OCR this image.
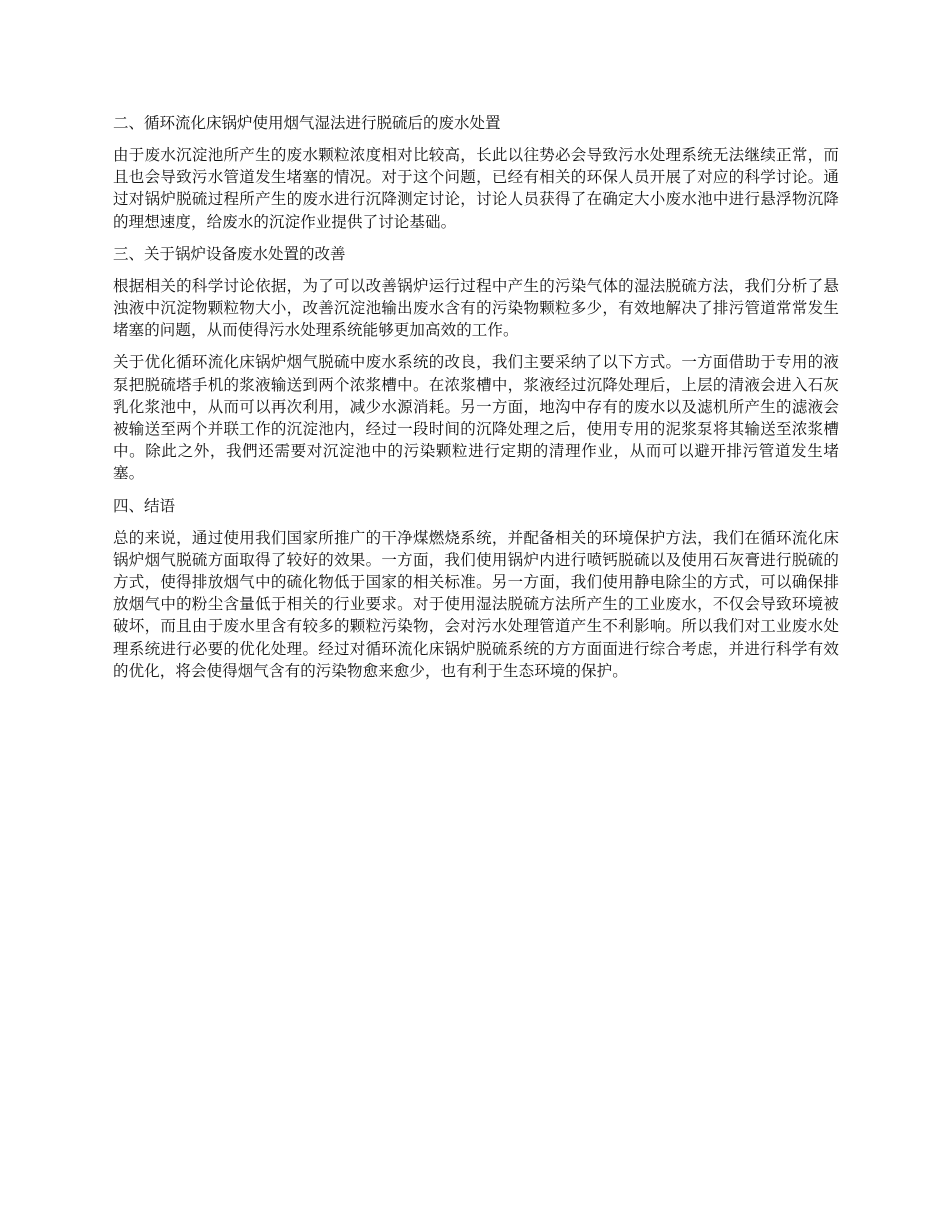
二、循环流化床锅炉使用烟气湿法进行脱硫后的废水处置

由于废水沉淀池所产生的废水颗粒浓度相对比较高，长此以往势必会导致污水处理系统无法继续正常，而且也会导致污水管道发生堵塞的情况。对于这个问题，已经有相关的环保人员开展了对应的科学讨论。通过对锅炉脱硫过程所产生的废水进行沉降测定讨论，讨论人员获得了在确定大小废水池中进行悬浮物沉降的理想速度，给废水的沉淀作业提供了讨论基础。

三、关于锅炉设备废水处置的改善

根据相关的科学讨论依据，为了可以改善锅炉运行过程中产生的污染气体的湿法脱硫方法，我们分析了悬浊液中沉淀物颗粒物大小，改善沉淀池输出废水含有的污染物颗粒多少，有效地解决了排污管道常常发生堵塞的问题，从而使得污水处理系统能够更加高效的工作。

关于优化循环流化床锅炉烟气脱硫中废水系统的改良，我们主要采纳了以下方式。一方面借助于专用的液泵把脱硫塔手机的浆液输送到两个浓浆槽中。在浓浆槽中，浆液经过沉降处理后，上层的清液会进入石灰乳化浆池中，从而可以再次利用，减少水源消耗。另一方面，地沟中存有的废水以及滤机所产生的滤液会被输送至两个并联工作的沉淀池内，经过一段时间的沉降处理之后，使用专用的泥浆泵将其输送至浓浆槽中。除此之外，我們还需要对沉淀池中的污染颗粒进行定期的清理作业，从而可以避开排污管道发生堵塞。

四、结语

总的来说，通过使用我们国家所推广的干净煤燃烧系统，并配备相关的环境保护方法，我们在循环流化床锅炉烟气脱硫方面取得了较好的效果。一方面，我们使用锅炉内进行喷钙脱硫以及使用石灰膏进行脱硫的方式，使得排放烟气中的硫化物低于国家的相关标准。另一方面，我们使用静电除尘的方式，可以确保排放烟气中的粉尘含量低于相关的行业要求。对于使用湿法脱硫方法所产生的工业废水，不仅会导致环境被破坏，而且由于废水里含有较多的颗粒污染物，会对污水处理管道产生不利影响。所以我们对工业废水处理系统进行必要的优化处理。经过对循环流化床锅炉脱硫系统的方方面面进行综合考虑，并进行科学有效的优化，将会使得烟气含有的污染物愈来愈少，也有利于生态环境的保护。
